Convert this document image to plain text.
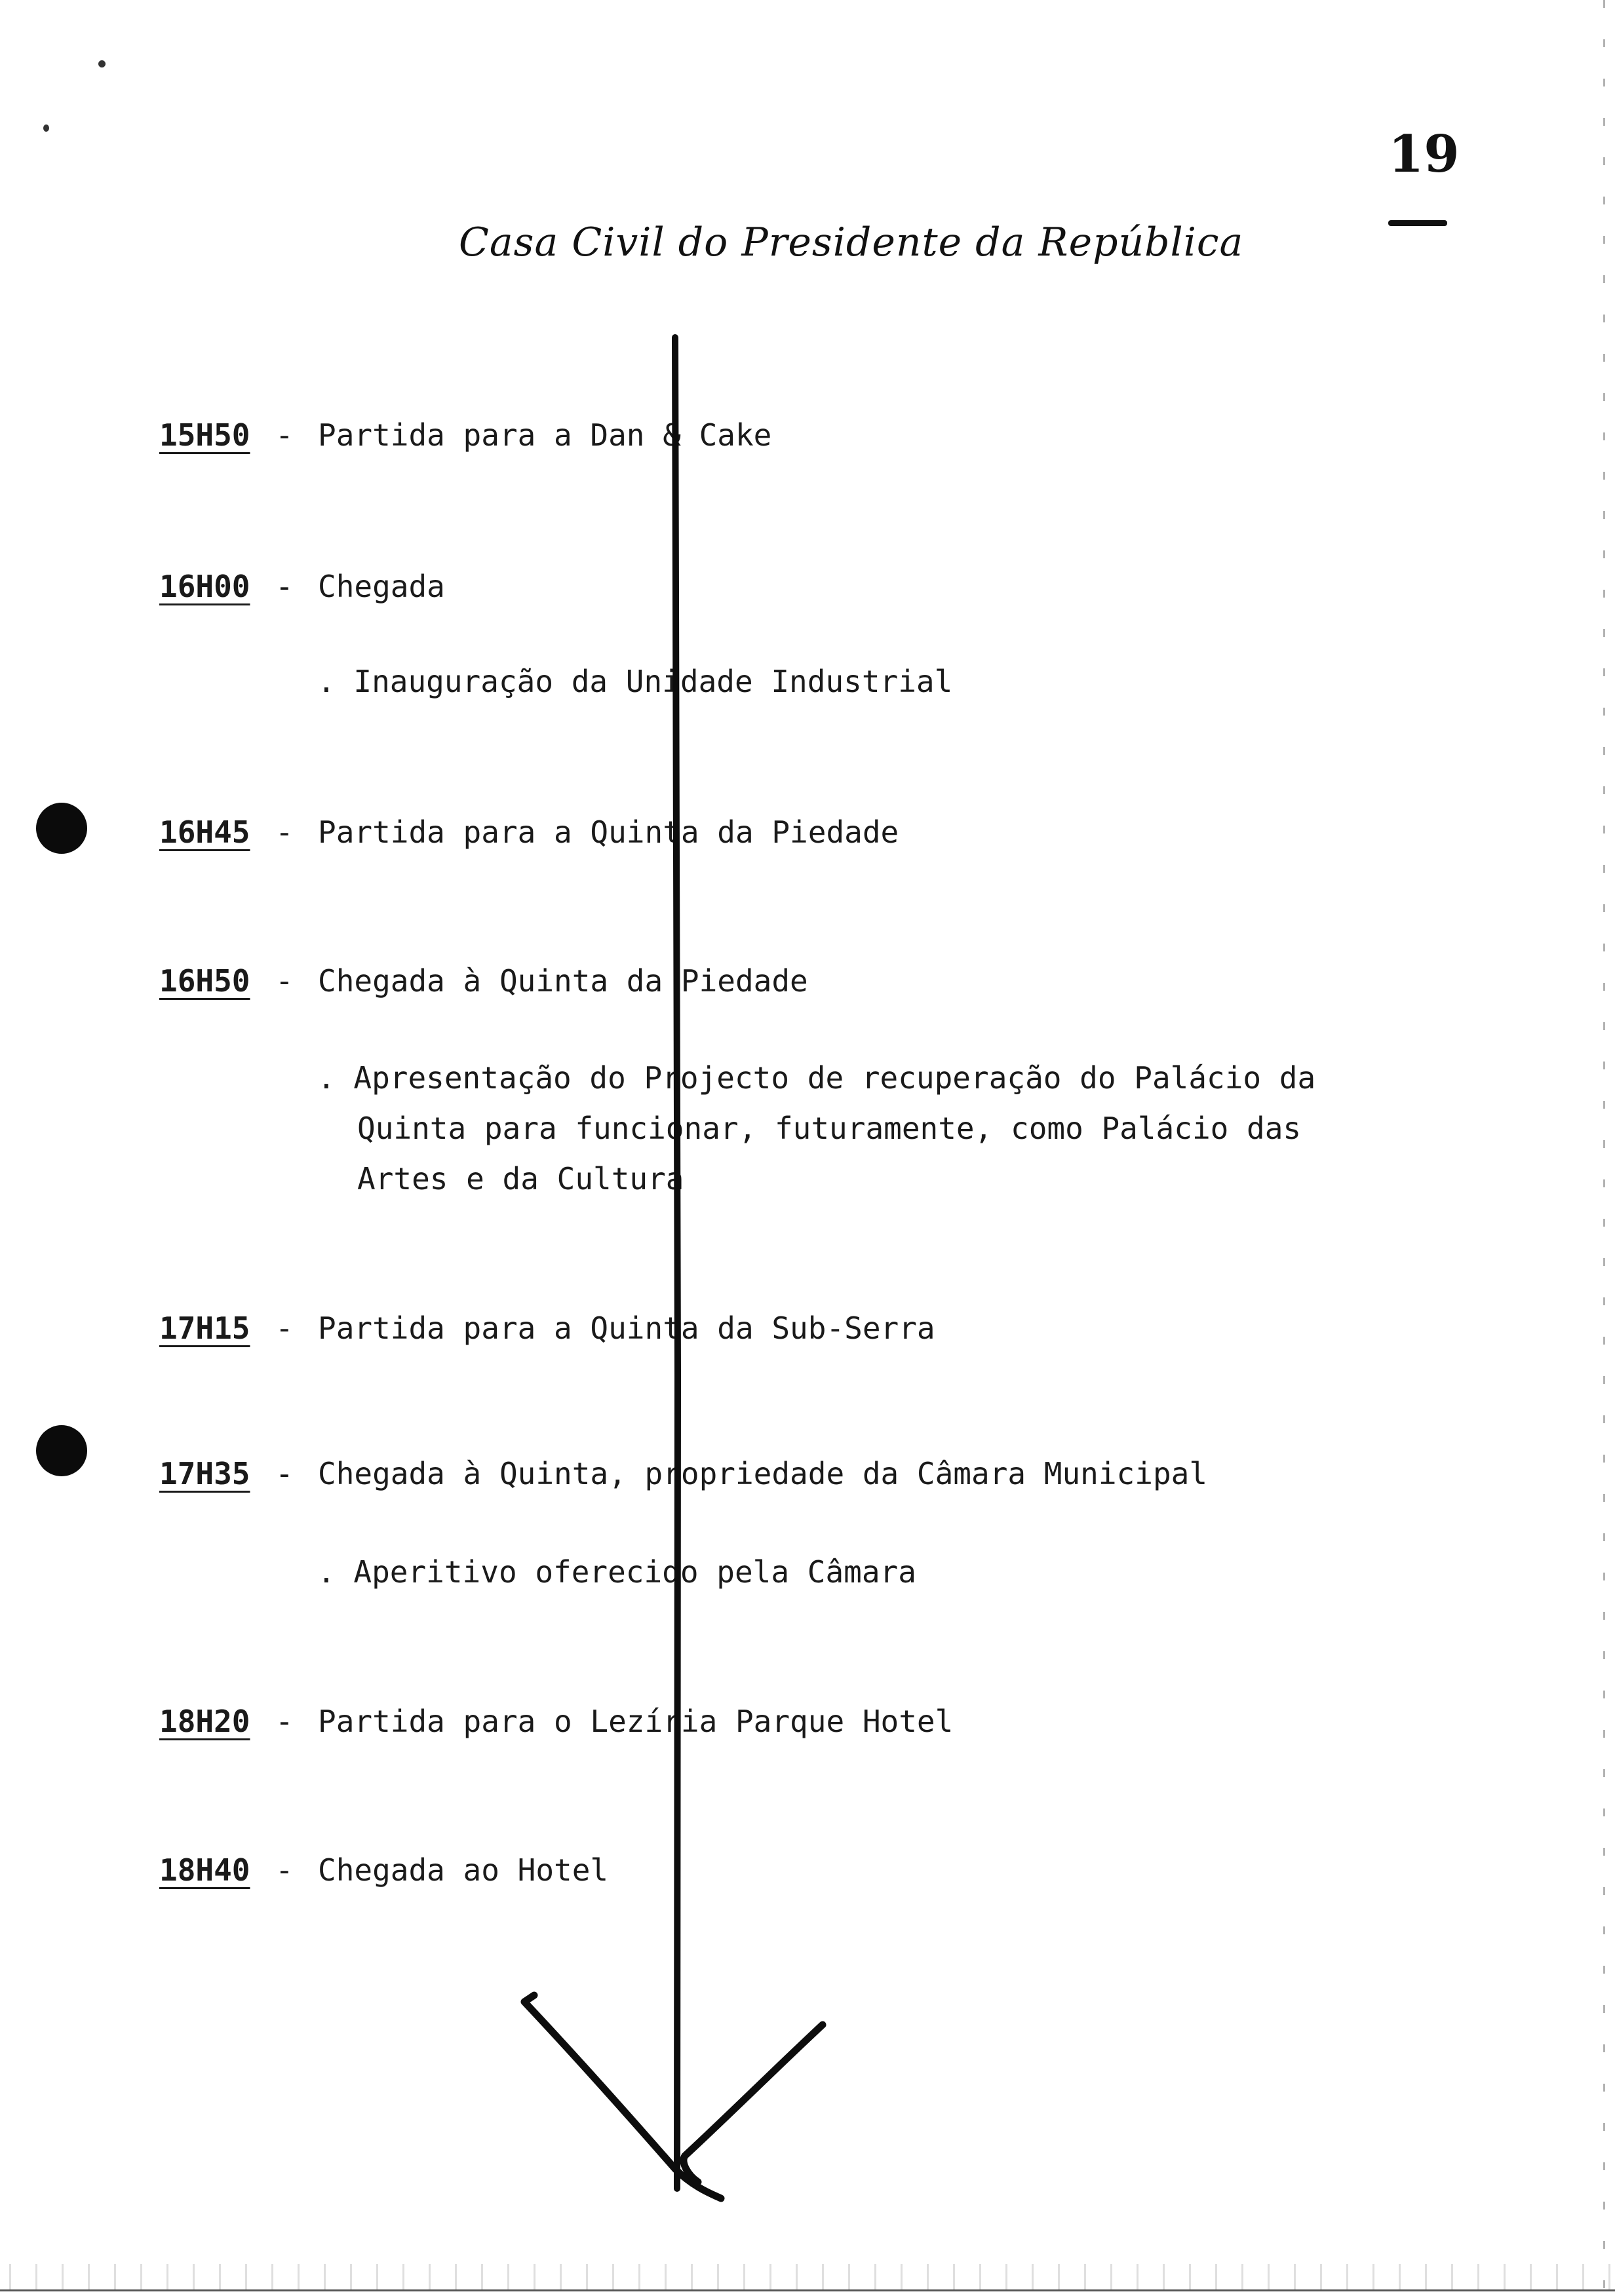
Casa Civil do Presidente da República
19
15H50 - Partida para a Dan & Cake
16H00 - Chegada
. Inauguração da Unidade Industrial
16H45 - Partida para a Quinta da Piedade
16H50 - Chegada à Quinta da Piedade
. Apresentação do Projecto de recuperação do Palácio da
Quinta para funcionar, futuramente, como Palácio das
Artes e da Cultura
17H15 - Partida para a Quinta da Sub-Serra
17H35 - Chegada à Quinta, propriedade da Câmara Municipal
. Aperitivo oferecido pela Câmara
18H20 - Partida para o Lezíria Parque Hotel
18H40 - Chegada ao Hotel
